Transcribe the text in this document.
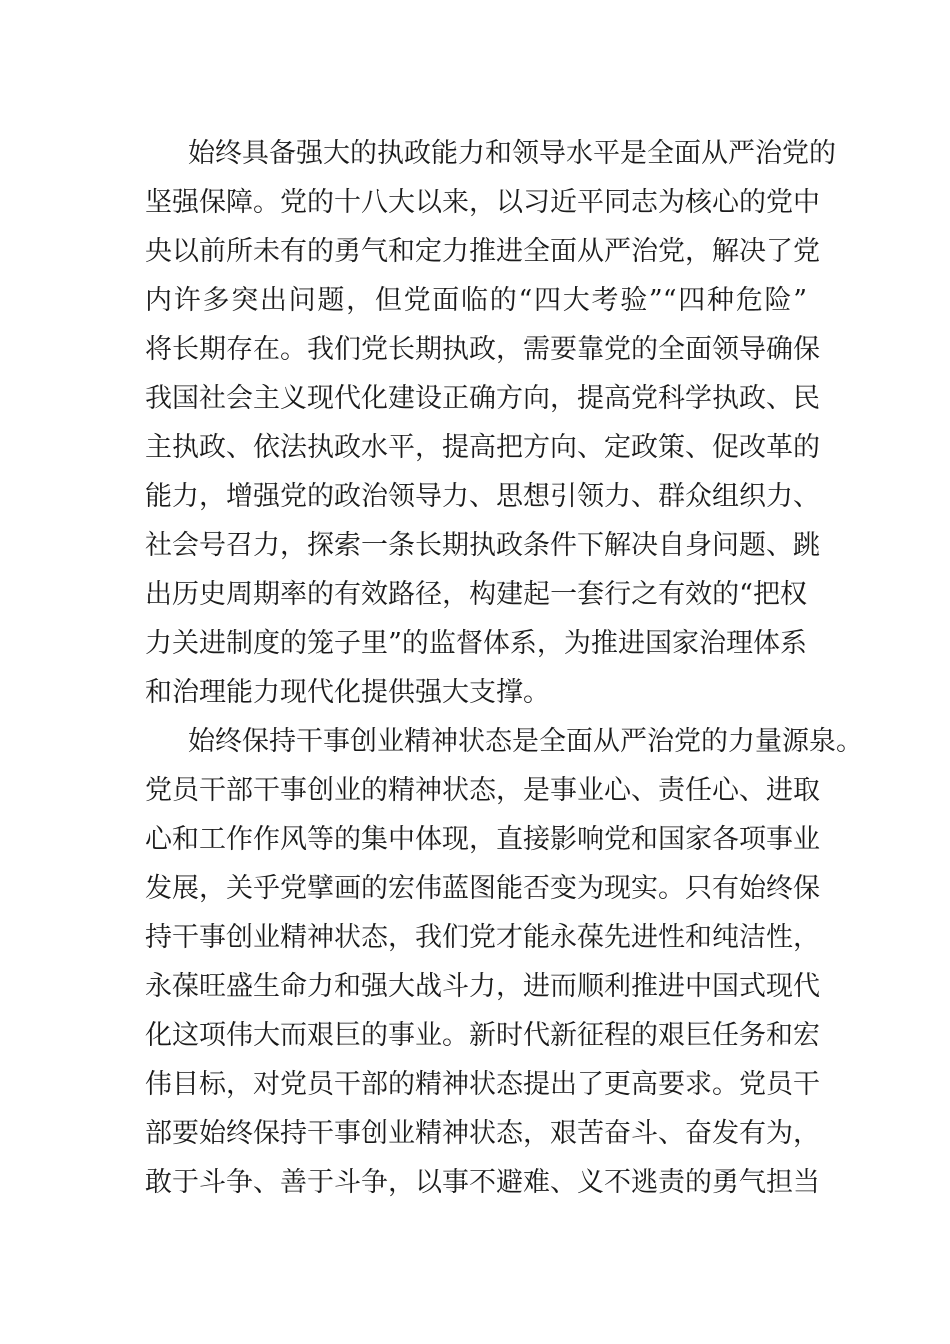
始终具备强大的执政能力和领导水平是全面从严治党的
坚强保障。党的十八大以来，以习近平同志为核心的党中
央以前所未有的勇气和定力推进全面从严治党，解决了党
内许多突出问题，但党面临的“四大考验”“四种危险”
将长期存在。我们党长期执政，需要靠党的全面领导确保
我国社会主义现代化建设正确方向，提高党科学执政、民
主执政、依法执政水平，提高把方向、定政策、促改革的
能力，增强党的政治领导力、思想引领力、群众组织力、
社会号召力，探索一条长期执政条件下解决自身问题、跳
出历史周期率的有效路径，构建起一套行之有效的“把权
力关进制度的笼子里”的监督体系，为推进国家治理体系
和治理能力现代化提供强大支撑。
始终保持干事创业精神状态是全面从严治党的力量源泉。
党员干部干事创业的精神状态，是事业心、责任心、进取
心和工作作风等的集中体现，直接影响党和国家各项事业
发展，关乎党擘画的宏伟蓝图能否变为现实。只有始终保
持干事创业精神状态，我们党才能永葆先进性和纯洁性，
永葆旺盛生命力和强大战斗力，进而顺利推进中国式现代
化这项伟大而艰巨的事业。新时代新征程的艰巨任务和宏
伟目标，对党员干部的精神状态提出了更高要求。党员干
部要始终保持干事创业精神状态，艰苦奋斗、奋发有为，
敢于斗争、善于斗争，以事不避难、义不逃责的勇气担当
